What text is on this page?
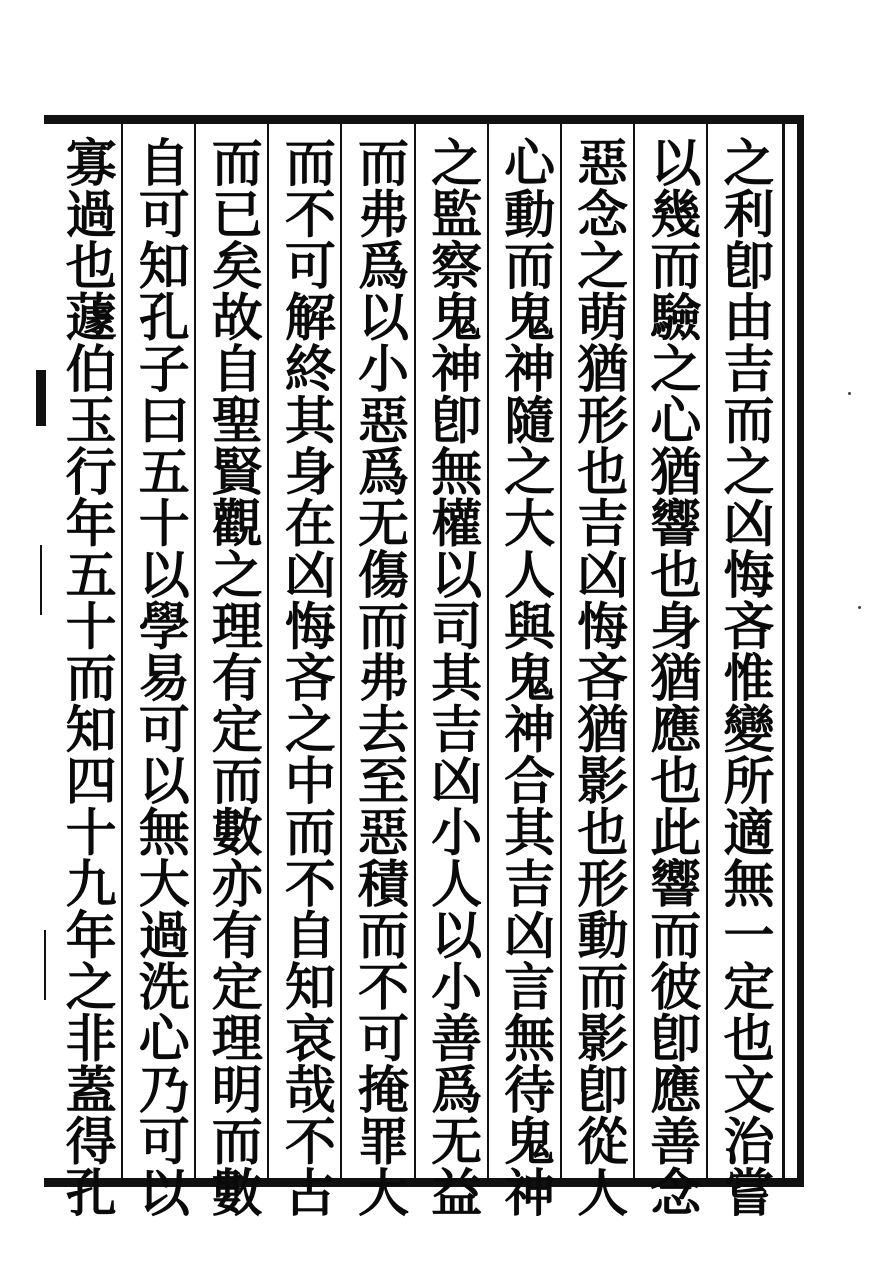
之利卽由吉而之凶悔吝惟變所適無一定也文治嘗
以幾而驗之心猶響也身猶應也此響而彼卽應善念
惡念之萌猶形也吉凶悔吝猶影也形動而影卽從人
心動而鬼神隨之大人與鬼神合其吉凶言無待鬼神
之監察鬼神卽無權以司其吉凶小人以小善爲无益
而弗爲以小惡爲无傷而弗去至惡積而不可掩罪大
而不可解終其身在凶悔吝之中而不自知哀哉不占
而已矣故自聖賢觀之理有定而數亦有定理明而數
自可知孔子曰五十以學易可以無大過洗心乃可以
寡過也蘧伯玉行年五十而知四十九年之非蓋得孔
